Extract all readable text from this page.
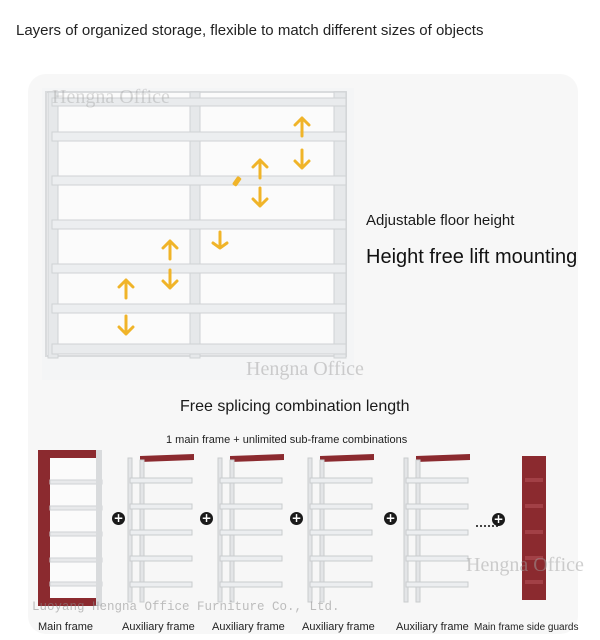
Layers of organized storage, flexible to match different sizes of objects
Hengna Office
Adjustable floor height
Height free lift mounting
Hengna Office
Free splicing combination length
1 main frame + unlimited sub-frame combinations
+	+	+	+	+
Hengna Office
Luoyang Hengna Office Furniture Co., Ltd.
Main frame	Auxiliary frame Auxiliary frame Auxiliary frame Auxiliary frame Main frame side guards
